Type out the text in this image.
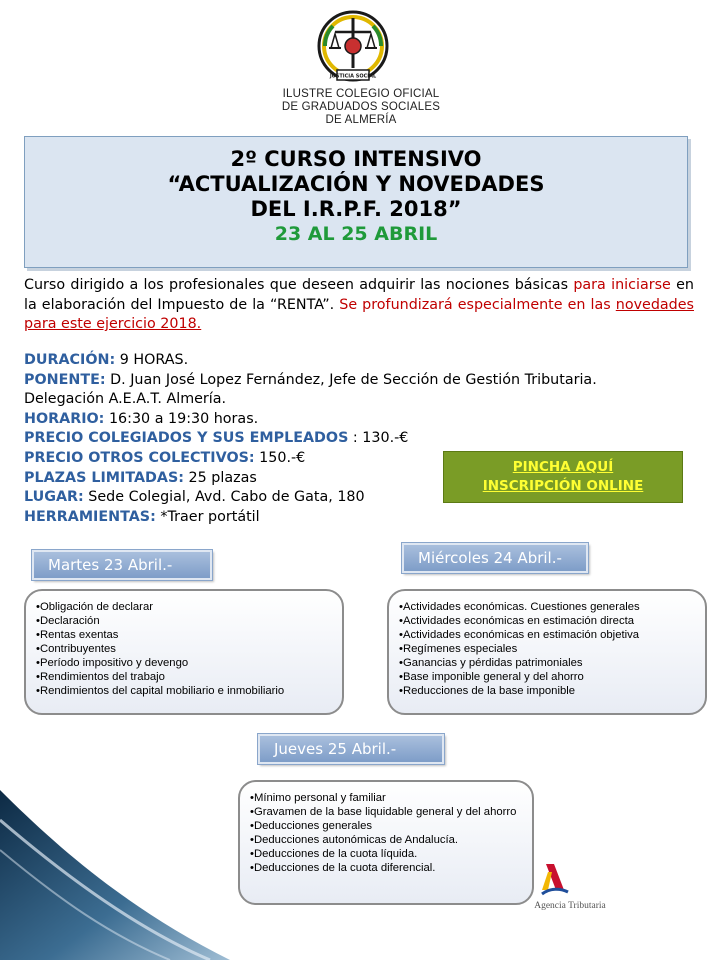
JUSTICIA SOCIAL
ILUSTRE COLEGIO OFICIAL
DE GRADUADOS SOCIALES
DE ALMERÍA
2º CURSO INTENSIVO
“ACTUALIZACIÓN Y NOVEDADES
DEL I.R.P.F. 2018”
23 AL 25 ABRIL
Curso dirigido a los profesionales que deseen adquirir las nociones básicas para iniciarse en la elaboración del Impuesto de la “RENTA”. Se profundizará especialmente en las novedades para este ejercicio 2018.
DURACIÓN: 9 HORAS.
PONENTE: D. Juan José Lopez Fernández, Jefe de Sección de Gestión Tributaria.
Delegación A.E.A.T. Almería.
HORARIO: 16:30 a 19:30 horas.
PRECIO COLEGIADOS Y SUS EMPLEADOS : 130.-€
PRECIO OTROS COLECTIVOS: 150.-€
PLAZAS LIMITADAS: 25 plazas
LUGAR: Sede Colegial, Avd. Cabo de Gata, 180
HERRAMIENTAS: *Traer portátil
PINCHA AQUÍ
INSCRIPCIÓN ONLINE
Martes 23 Abril.-
•Obligación de declarar
•Declaración
•Rentas exentas
•Contribuyentes
•Período impositivo y devengo
•Rendimientos del trabajo
•Rendimientos del capital mobiliario e inmobiliario
Miércoles 24 Abril.-
•Actividades económicas. Cuestiones generales
•Actividades económicas en estimación directa
•Actividades económicas en estimación objetiva
•Regímenes especiales
•Ganancias y pérdidas patrimoniales
•Base imponible general y del ahorro
•Reducciones de la base imponible
Jueves 25 Abril.-
•Mínimo personal y familiar
•Gravamen de la base liquidable general y del ahorro
•Deducciones generales
•Deducciones autonómicas de Andalucía.
•Deducciones de la cuota líquida.
•Deducciones de la cuota diferencial.
Agencia Tributaria
